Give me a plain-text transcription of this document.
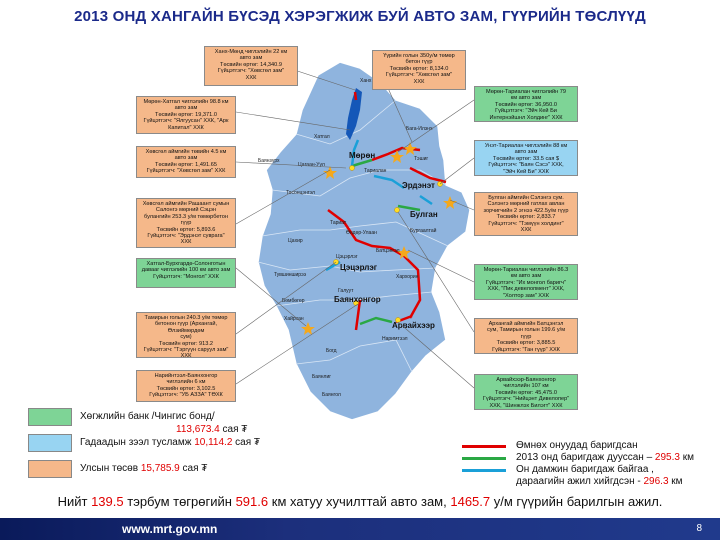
2013 ОНД ХАНГАЙН БҮСЭД ХЭРЭГЖИЖ БУЙ АВТО ЗАМ, ГҮҮРИЙН ТӨСЛҮҮД
Мөрөн
Эрдэнэт
Булган
Цэцэрлэг
Баянхонгор
Арвайхээр
Ханх
Бага-Илэнх
Хатгал
Баянзүрх
Цагаан-Уул
Тариалан
Тосонцэнгэл
Тэшиг
Тариат
Өндөр-Улаан
Цэцэрлэг
Бургаалтай
Батцэнгэл
Цахир
Хархорин
Тувшинширээ
Галуут
Бөмбөгөр
Хайрхан
Наримтээл
Богд
Баянлиг
Баянгол
Мөрөн-Хатгал чиглэлийн 98.8 км
авто зам
Төсвийн өртөг: 19,371.0
Гүйцэтгэгч: "Ялгуусан" ХХК, "Арк
Капитал" ХХК
Хөвсгөл аймгийн төвийн 4.5 км
авто зам
Төсвийн өртөг: 1,491.65
Гүйцэтгэгч: "Хөвсгөл зам" ХХК
Хөвсгөл аймгийн Рашаант сумын
Салонгэ мөрний Сэцэн
булангийн 253.3 у/м төмөрбетон
гүүр
Төсвийн өртөг: 5,893.6
Гүйцэтгэгч: "Эрдэнэт суврага"
ХХК
Хатгал-Бурхгардө-Солонготын
давааг чиглэлийн 100 км авто зам
Гүйцэтгэгч: "Монгол" ХХК
Тамирын голын 240.3 у/м төмөр
бетонон гүүр (Архангай, Өлзиймөрдөм
сум)
Төсвийн өртөг: 913.2
Гүйцэтгэгч: "Тэргүүн саруул зам"
ХХК
Нарийнтээл-Баянхонгор
чиглэлийн 6 км
Төсвийн өртөг: 3,102.5
Гүйцэтгэгч: "УБ АЗЗА" ТӨХК
Ханх-Мөнд чиглэлийн 22 км
авто зам
Төсвийн өртөг: 14,340.9
Гүйцэтгэгч: "Хөвсгөл зам"
ХХК
Үүрийн голын 350у/м төмөр
бетон гүүр
Төсвийн өртөг: 8,134.0
Гүйцэтгэгч: "Хөвсгөл зам"
ХХК
Мөрөн-Тариалан чиглэлийн 79
км авто зам
Төсвийн өртөг: 36,950.0
Гүйцэтгэгч: "Эйч Кей Би
Интернэйшнл Холдинг" ХХК
Унэт-Тариалан чиглэлийн 88 км
авто зам
Төсвийн өртөг: 33.5 сая $
Гүйцэтгэгч: "Баян Сэсэ" ХХК,
"Эйч Кей Би" ХХК
Булган аймгийн Сэлэнгэ сум.
Сэлэнгэ мөрний гатлах авлан
зорчигчийн 2 эгнээ 422.5у/м гүүр
Төсвийн өртөг: 2,833.7
Гүйцэтгэгч: "Тэмүүн холдинг"
ХХК
Мөрөн-Тариалан чиглэлийн 86.3
км авто зам
Гүйцэтгэгч: "Их монгол баригч"
ХХК, "Пик девелопмент" ХХК,
"Холтор зам" ХХК
Архангай аймгийн Батцэнгэл
сум, Тамирын голын 199.6 у/м
гүүр
Төсвийн өртөг: 3,885.5
Гүйцэтгэгч: "Ган гүүр" ХХК
Арвайхээр-Баянхонгор
чиглэлийн 107 км
Төсвийн өртөг: 45,475.0
Гүйцэтгэгч: "Нийцэнт Дивелопер"
ХХК, "Шинжлэх Билэгт" ХХК
Хөгжлийн банк /Чингис бонд/
113,673.4 сая ₮
Гадаадын зээл тусламж 10,114.2 сая ₮
Улсын төсөв 15,785.9 сая ₮
Өмнөх онуудад баригдсан
2013 онд баригдаж дууссан – 295.3 км
Он дамжин баригдаж байгаа ,
дараагийн ажил хийгдсэн - 296.3 км
Нийт 139.5 тэрбум төгрөгийн 591.6 км хатуу хучилттай авто зам, 1465.7 у/м гүүрийн барилгын ажил.
www.mrt.gov.mn	8
